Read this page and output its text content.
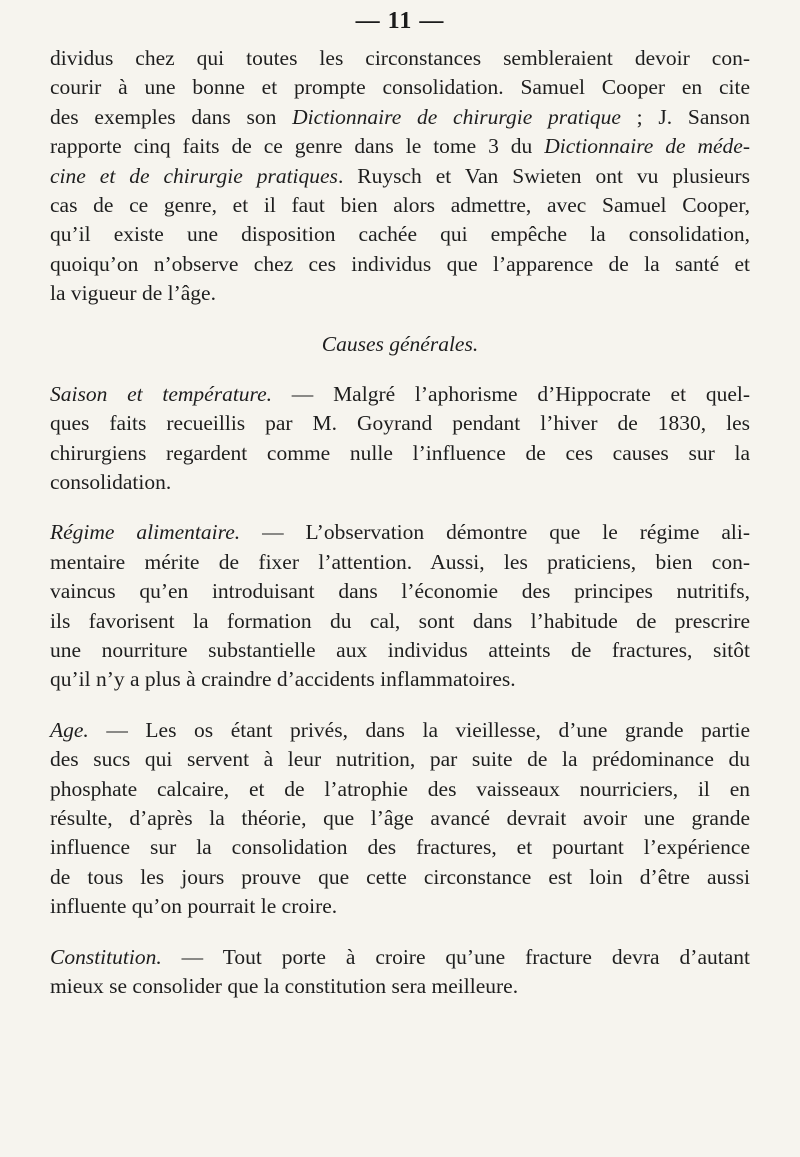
— 11 —
dividus chez qui toutes les circonstances sembleraient devoir con-
courir à une bonne et prompte consolidation. Samuel Cooper en cite
des exemples dans son Dictionnaire de chirurgie pratique ; J. Sanson
rapporte cinq faits de ce genre dans le tome 3 du Dictionnaire de méde-
cine et de chirurgie pratiques. Ruysch et Van Swieten ont vu plusieurs
cas de ce genre, et il faut bien alors admettre, avec Samuel Cooper,
qu’il existe une disposition cachée qui empêche la consolidation,
quoiqu’on n’observe chez ces individus que l’apparence de la santé et
la vigueur de l’âge.
Causes générales.
Saison et température. — Malgré l’aphorisme d’Hippocrate et quel-
ques faits recueillis par M. Goyrand pendant l’hiver de 1830, les
chirurgiens regardent comme nulle l’influence de ces causes sur la
consolidation.
Régime alimentaire. — L’observation démontre que le régime ali-
mentaire mérite de fixer l’attention. Aussi, les praticiens, bien con-
vaincus qu’en introduisant dans l’économie des principes nutritifs,
ils favorisent la formation du cal, sont dans l’habitude de prescrire
une nourriture substantielle aux individus atteints de fractures, sitôt
qu’il n’y a plus à craindre d’accidents inflammatoires.
Age. — Les os étant privés, dans la vieillesse, d’une grande partie
des sucs qui servent à leur nutrition, par suite de la prédominance du
phosphate calcaire, et de l’atrophie des vaisseaux nourriciers, il en
résulte, d’après la théorie, que l’âge avancé devrait avoir une grande
influence sur la consolidation des fractures, et pourtant l’expérience
de tous les jours prouve que cette circonstance est loin d’être aussi
influente qu’on pourrait le croire.
Constitution. — Tout porte à croire qu’une fracture devra d’autant
mieux se consolider que la constitution sera meilleure.
